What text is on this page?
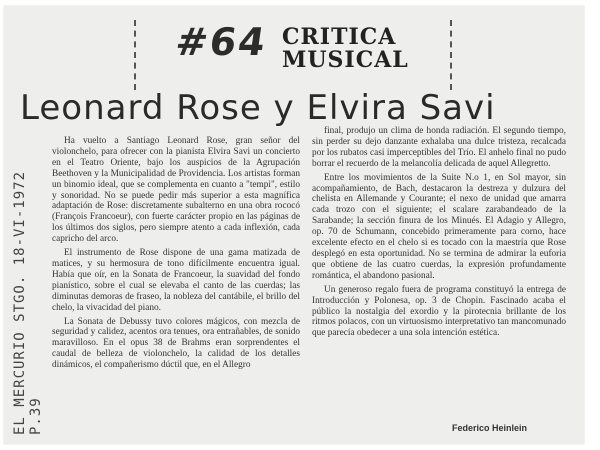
#64 CRITICA
MUSICAL
Leonard Rose y Elvira Savi
EL MERCURIO STGO. 18-VI-1972 P.39

Ha vuelto a Santiago Leonard Rose, gran señor del violonchelo, para ofrecer con la pianista Elvira Savi un concierto en el Teatro Oriente, bajo los auspicios de la Agrupación Beethoven y la Municipalidad de Providencia. Los artistas forman un binomio ideal, que se complementa en cuanto a "tempi", estilo y sonoridad. No se puede pedir más superior a esta magnífica adaptación de Rose: discretamente subalterno en una obra rococó (François Francoeur), con fuerte carácter propio en las páginas de los últimos dos siglos, pero siempre atento a cada inflexión, cada capricho del arco.

El instrumento de Rose dispone de una gama matizada de matices, y su hermosura de tono difícilmente encuentra igual. Había que oír, en la Sonata de Francoeur, la suavidad del fondo pianístico, sobre el cual se elevaba el canto de las cuerdas; las diminutas demoras de fraseo, la nobleza del cantábile, el brillo del chelo, la vivacidad del piano.

La Sonata de Debussy tuvo colores mágicos, con mezcla de seguridad y calidez, acentos ora tenues, ora entrañables, de sonido maravilloso. En el opus 38 de Brahms eran sorprendentes el caudal de belleza de violonchelo, la calidad de los detalles dinámicos, el compañerismo dúctil que, en el Allegro

final, produjo un clima de honda radiación. El segundo tiempo, sin perder su dejo danzante exhalaba una dulce tristeza, recalcada por los rubatos casi imperceptibles del Trío. El anhelo final no pudo borrar el recuerdo de la melancolía delicada de aquel Allegretto.

Entre los movimientos de la Suite N.o 1, en Sol mayor, sin acompañamiento, de Bach, destacaron la destreza y dulzura del chelista en Allemande y Courante; el nexo de unidad que amarra cada trozo con el siguiente; el scalare zarabandeado de la Sarabande; la sección finura de los Minués. El Adagio y Allegro, op. 70 de Schumann, concebido primeramente para corno, hace excelente efecto en el chelo si es tocado con la maestría que Rose desplegó en esta oportunidad. No se termina de admirar la euforia que obtiene de las cuatro cuerdas, la expresión profundamente romántica, el abandono pasional.

Un generoso regalo fuera de programa constituyó la entrega de Introducción y Polonesa, op. 3 de Chopin. Fascinado acaba el público la nostalgia del exordio y la pirotecnia brillante de los ritmos polacos, con un virtuosismo interpretativo tan mancomunado que parecía obedecer a una sola intención estética.

Federico Heinlein
